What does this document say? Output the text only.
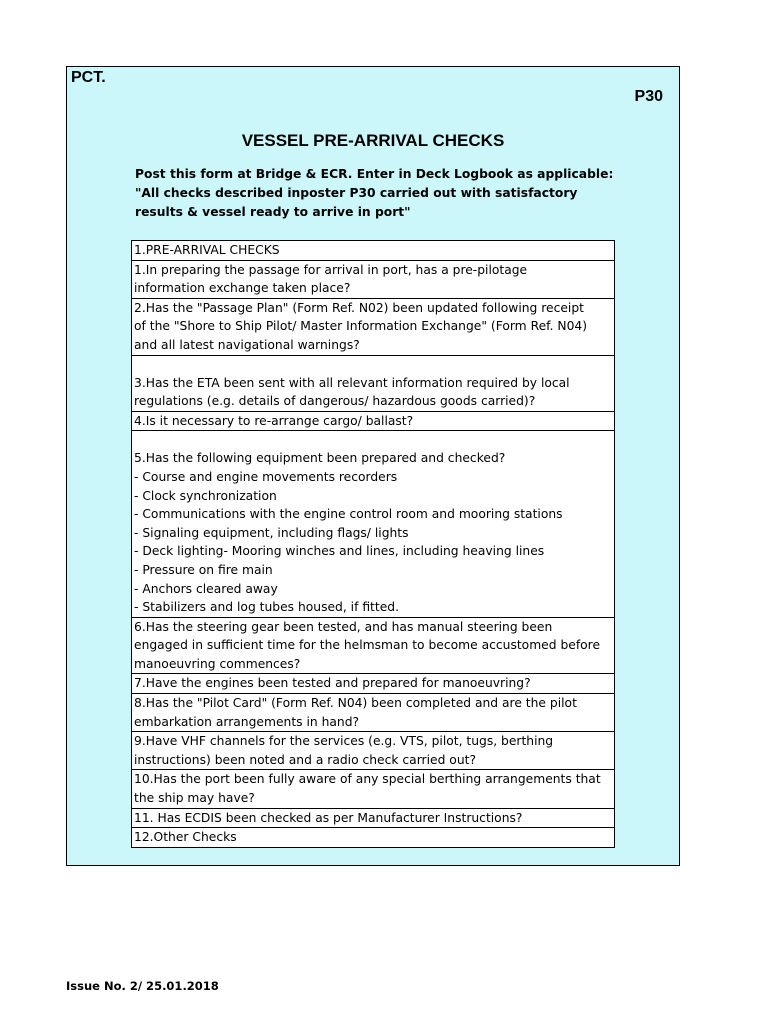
PCT.
P30
VESSEL PRE-ARRIVAL CHECKS
Post this form at Bridge & ECR. Enter in Deck Logbook as applicable: "All checks described inposter P30 carried out with satisfactory results & vessel ready to arrive in port"
1.PRE-ARRIVAL CHECKS
1.In preparing the passage for arrival in port, has a pre-pilotage
information exchange taken place?
2.Has the "Passage Plan" (Form Ref. N02) been updated following receipt
of the "Shore to Ship Pilot/ Master Information Exchange" (Form Ref. N04)
and all latest navigational warnings?
3.Has the ETA been sent with all relevant information required by local
regulations (e.g. details of dangerous/ hazardous goods carried)?
4.Is it necessary to re-arrange cargo/ ballast?
5.Has the following equipment been prepared and checked?
- Course and engine movements recorders
- Clock synchronization
- Communications with the engine control room and mooring stations
- Signaling equipment, including flags/ lights
- Deck lighting- Mooring winches and lines, including heaving lines
- Pressure on fire main
- Anchors cleared away
- Stabilizers and log tubes housed, if fitted.
6.Has the steering gear been tested, and has manual steering been
engaged in sufficient time for the helmsman to become accustomed before
manoeuvring commences?
7.Have the engines been tested and prepared for manoeuvring?
8.Has the "Pilot Card" (Form Ref. N04) been completed and are the pilot
embarkation arrangements in hand?
9.Have VHF channels for the services (e.g. VTS, pilot, tugs, berthing
instructions) been noted and a radio check carried out?
10.Has the port been fully aware of any special berthing arrangements that
the ship may have?
11. Has ECDIS been checked as per Manufacturer Instructions?
12.Other Checks
Issue No. 2/ 25.01.2018
